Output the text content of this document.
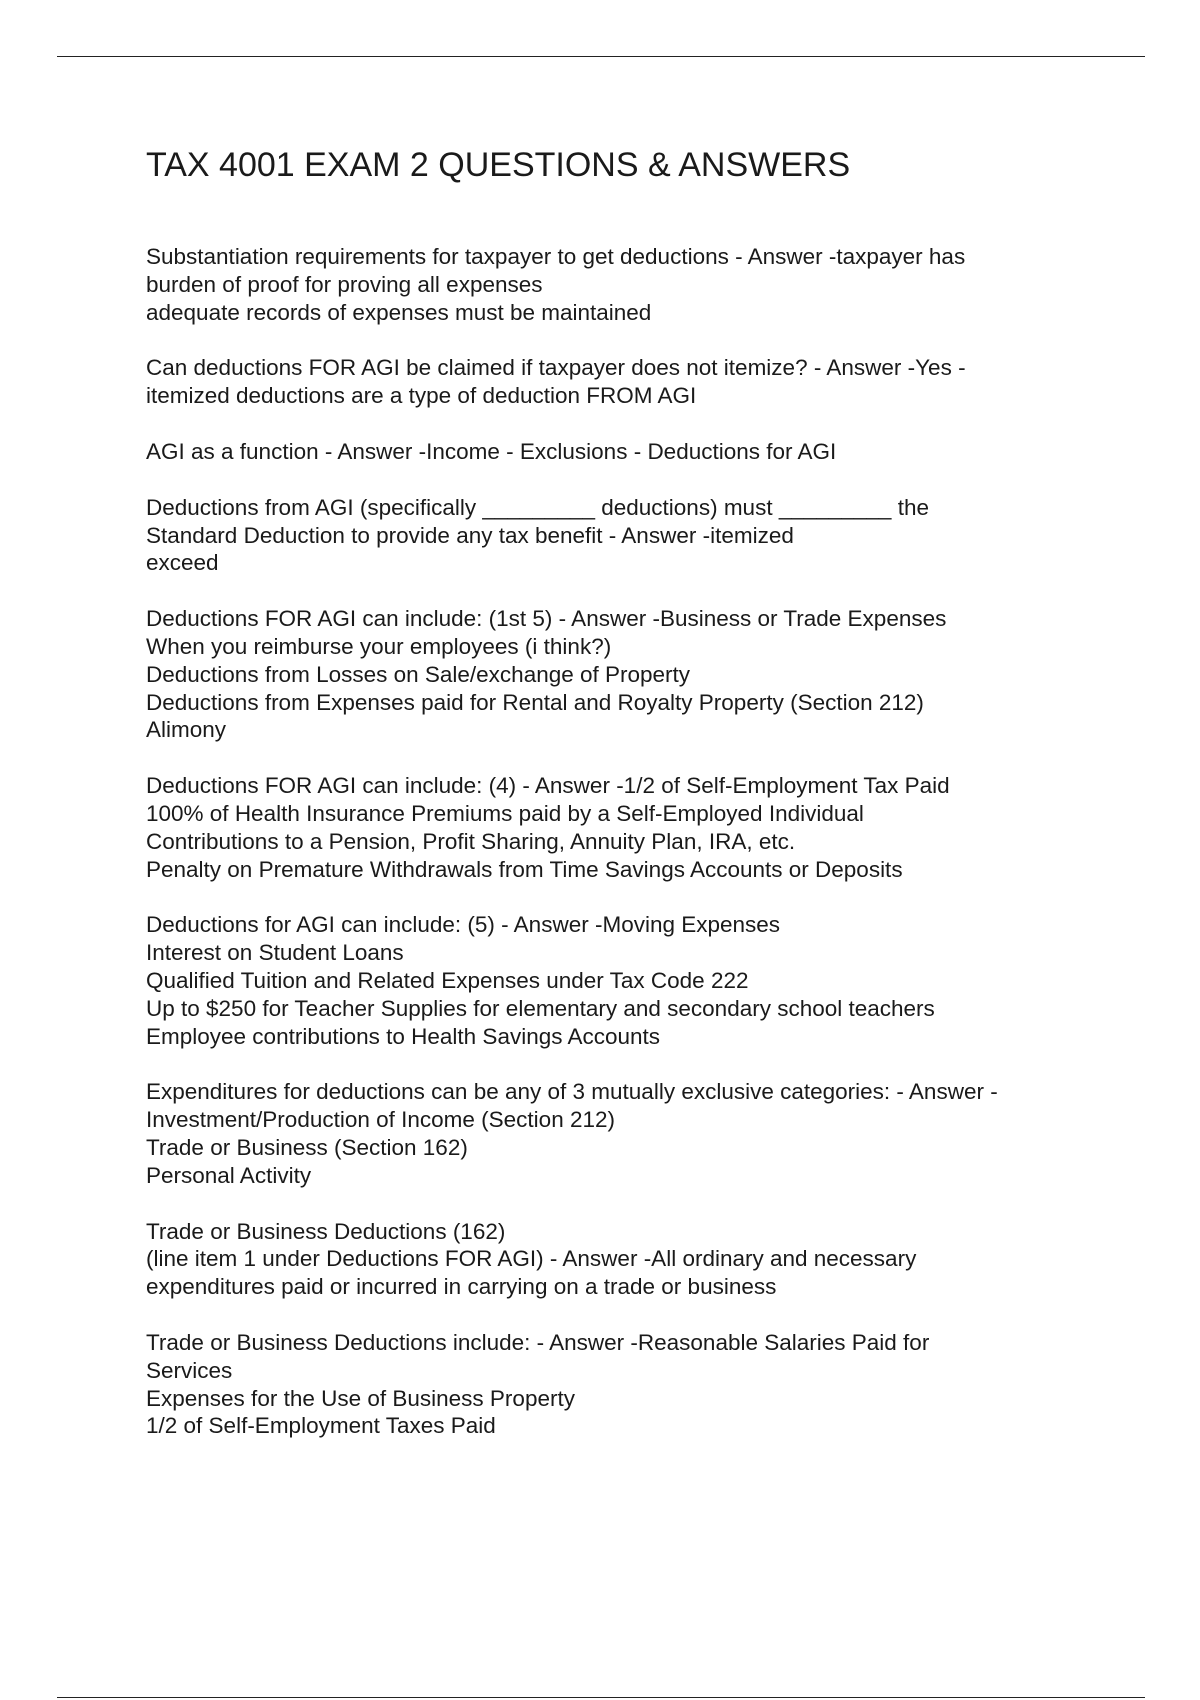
TAX 4001 EXAM 2 QUESTIONS & ANSWERS
Substantiation requirements for taxpayer to get deductions - Answer -taxpayer has
burden of proof for proving all expenses
adequate records of expenses must be maintained
Can deductions FOR AGI be claimed if taxpayer does not itemize? - Answer -Yes -
itemized deductions are a type of deduction FROM AGI
AGI as a function - Answer -Income - Exclusions - Deductions for AGI
Deductions from AGI (specifically _________ deductions) must _________ the
Standard Deduction to provide any tax benefit - Answer -itemized
exceed
Deductions FOR AGI can include: (1st 5) - Answer -Business or Trade Expenses
When you reimburse your employees (i think?)
Deductions from Losses on Sale/exchange of Property
Deductions from Expenses paid for Rental and Royalty Property (Section 212)
Alimony
Deductions FOR AGI can include: (4) - Answer -1/2 of Self-Employment Tax Paid
100% of Health Insurance Premiums paid by a Self-Employed Individual
Contributions to a Pension, Profit Sharing, Annuity Plan, IRA, etc.
Penalty on Premature Withdrawals from Time Savings Accounts or Deposits
Deductions for AGI can include: (5) - Answer -Moving Expenses
Interest on Student Loans
Qualified Tuition and Related Expenses under Tax Code 222
Up to $250 for Teacher Supplies for elementary and secondary school teachers
Employee contributions to Health Savings Accounts
Expenditures for deductions can be any of 3 mutually exclusive categories: - Answer -
Investment/Production of Income (Section 212)
Trade or Business (Section 162)
Personal Activity
Trade or Business Deductions (162)
(line item 1 under Deductions FOR AGI) - Answer -All ordinary and necessary
expenditures paid or incurred in carrying on a trade or business
Trade or Business Deductions include: - Answer -Reasonable Salaries Paid for
Services
Expenses for the Use of Business Property
1/2 of Self-Employment Taxes Paid
